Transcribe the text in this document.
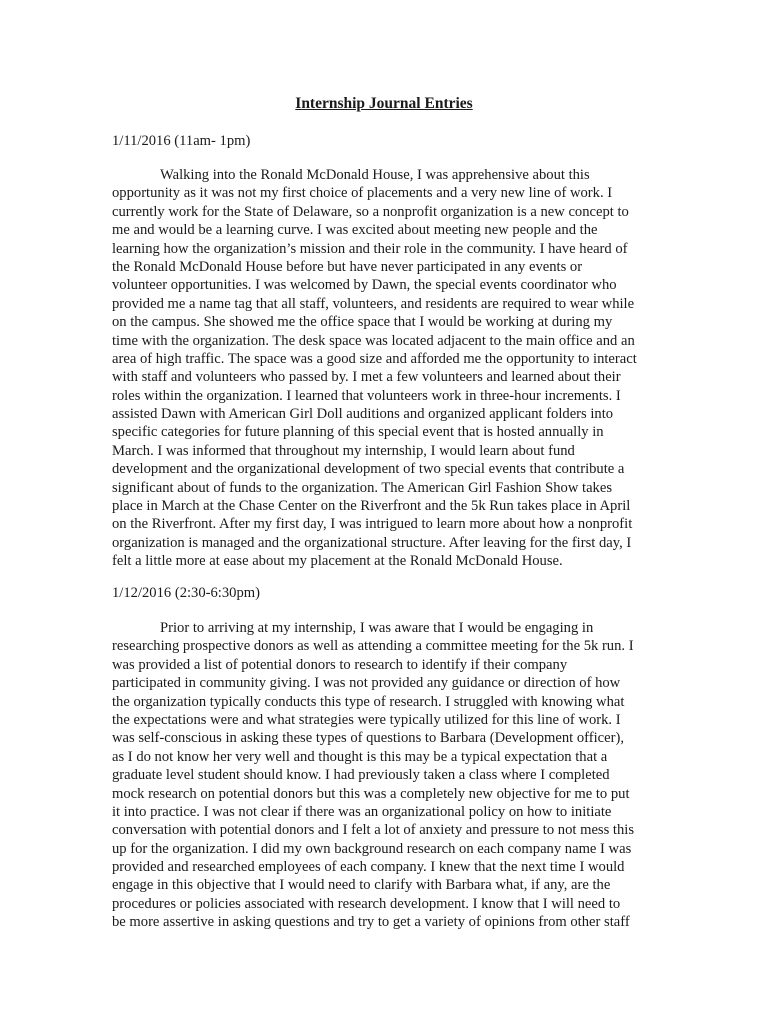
Internship Journal Entries
1/11/2016 (11am- 1pm)
Walking into the Ronald McDonald House, I was apprehensive about this
opportunity as it was not my first choice of placements and a very new line of work. I
currently work for the State of Delaware, so a nonprofit organization is a new concept to
me and would be a learning curve. I was excited about meeting new people and the
learning how the organization’s mission and their role in the community. I have heard of
the Ronald McDonald House before but have never participated in any events or
volunteer opportunities. I was welcomed by Dawn, the special events coordinator who
provided me a name tag that all staff, volunteers, and residents are required to wear while
on the campus. She showed me the office space that I would be working at during my
time with the organization. The desk space was located adjacent to the main office and an
area of high traffic. The space was a good size and afforded me the opportunity to interact
with staff and volunteers who passed by. I met a few volunteers and learned about their
roles within the organization. I learned that volunteers work in three-hour increments. I
assisted Dawn with American Girl Doll auditions and organized applicant folders into
specific categories for future planning of this special event that is hosted annually in
March. I was informed that throughout my internship, I would learn about fund
development and the organizational development of two special events that contribute a
significant about of funds to the organization. The American Girl Fashion Show takes
place in March at the Chase Center on the Riverfront and the 5k Run takes place in April
on the Riverfront. After my first day, I was intrigued to learn more about how a nonprofit
organization is managed and the organizational structure. After leaving for the first day, I
felt a little more at ease about my placement at the Ronald McDonald House.
1/12/2016 (2:30-6:30pm)
Prior to arriving at my internship, I was aware that I would be engaging in
researching prospective donors as well as attending a committee meeting for the 5k run. I
was provided a list of potential donors to research to identify if their company
participated in community giving. I was not provided any guidance or direction of how
the organization typically conducts this type of research. I struggled with knowing what
the expectations were and what strategies were typically utilized for this line of work. I
was self-conscious in asking these types of questions to Barbara (Development officer),
as I do not know her very well and thought is this may be a typical expectation that a
graduate level student should know. I had previously taken a class where I completed
mock research on potential donors but this was a completely new objective for me to put
it into practice. I was not clear if there was an organizational policy on how to initiate
conversation with potential donors and I felt a lot of anxiety and pressure to not mess this
up for the organization. I did my own background research on each company name I was
provided and researched employees of each company. I knew that the next time I would
engage in this objective that I would need to clarify with Barbara what, if any, are the
procedures or policies associated with research development. I know that I will need to
be more assertive in asking questions and try to get a variety of opinions from other staff
